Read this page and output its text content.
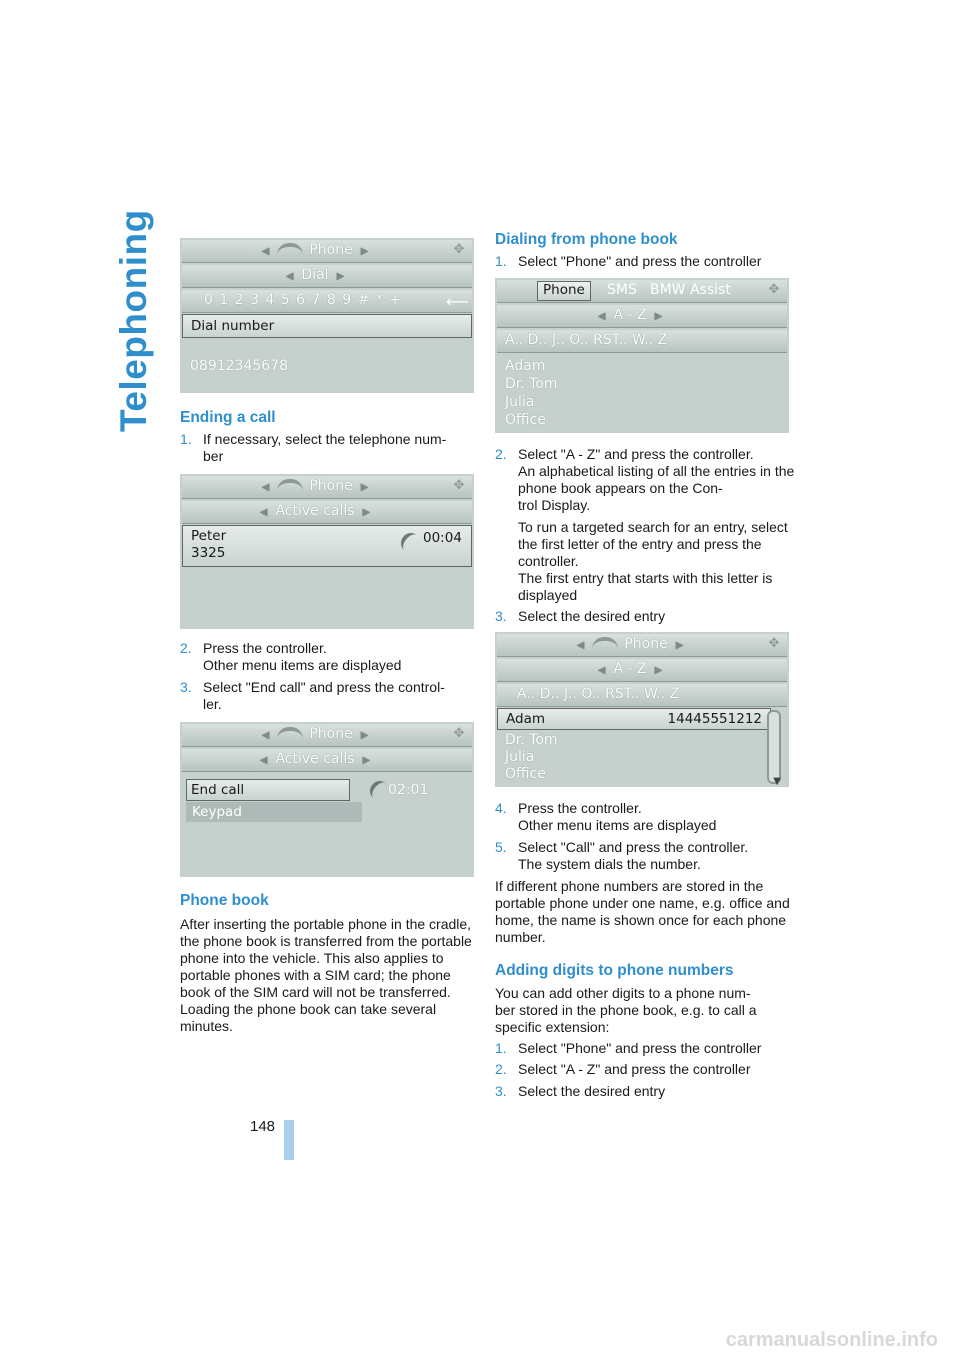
Telephoning	◀	Phone ▶	✥
◀ Dial ▶
0 1 2 3 4 5 6 7 8 9 # * +	⟵
Dial number
08912345678
Ending a call
1. If necessary, select the telephone num-
ber
◀	Phone ▶	✥
◀ Active calls ▶
Peter
3325
00:04
2. Press the controller.
Other menu items are displayed
3. Select "End call" and press the control-
ler.
◀	Phone ▶	✥
◀ Active calls ▶
End call
Keypad
02:01
Phone book
After inserting the portable phone in the cradle, the phone book is transferred from the portable phone into the vehicle. This also applies to portable phones with a SIM card; the phone book of the SIM card will not be transferred. Loading the phone book can take several minutes.
Dialing from phone book
1. Select "Phone" and press the controller
Phone	SMS BMW Assist	✥
◀ A - Z ▶
A.. D.. J.. O.. RST.. W.. Z
Adam
Dr. Tom
Julia
Office
2. Select "A - Z" and press the controller.
An alphabetical listing of all the entries in the phone book appears on the Con-
trol Display.
To run a targeted search for an entry, select the first letter of the entry and press the controller.
The first entry that starts with this letter is displayed
3. Select the desired entry
◀	Phone ▶	✥
◀ A - Z ▶
A.. D.. J.. O.. RST.. W.. Z
Adam	14445551212
Dr. Tom
Julia
Office	▼
4. Press the controller.
Other menu items are displayed
5. Select "Call" and press the controller.
The system dials the number.
If different phone numbers are stored in the portable phone under one name, e.g. office and home, the name is shown once for each phone number.
Adding digits to phone numbers
You can add other digits to a phone num-
ber stored in the phone book, e.g. to call a specific extension:
1. Select "Phone" and press the controller
2. Select "A - Z" and press the controller
3. Select the desired entry
148
carmanualsonline.info
